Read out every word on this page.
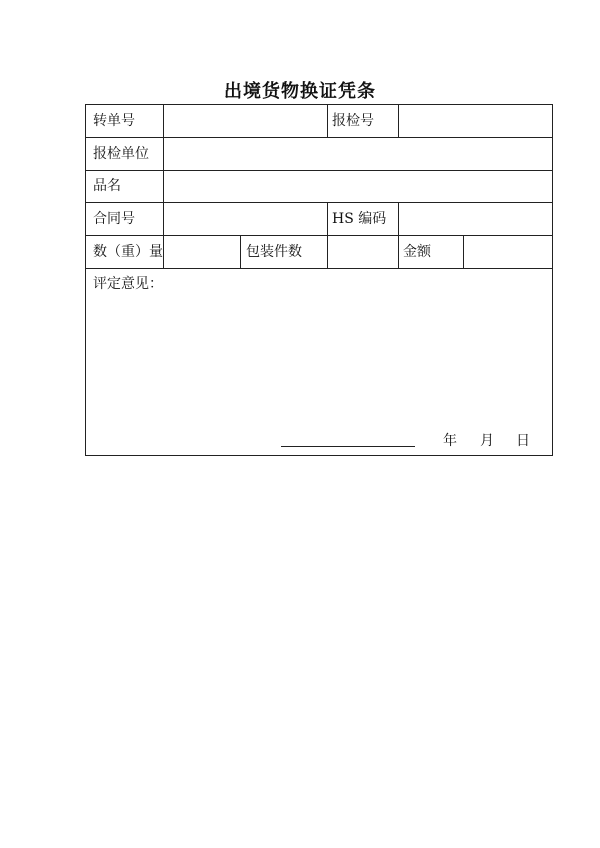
出境货物换证凭条
转单号	报检号
报检单位
品名
合同号	HS 编码
数（重）量	包装件数	金额
评定意见：
年 月 日
